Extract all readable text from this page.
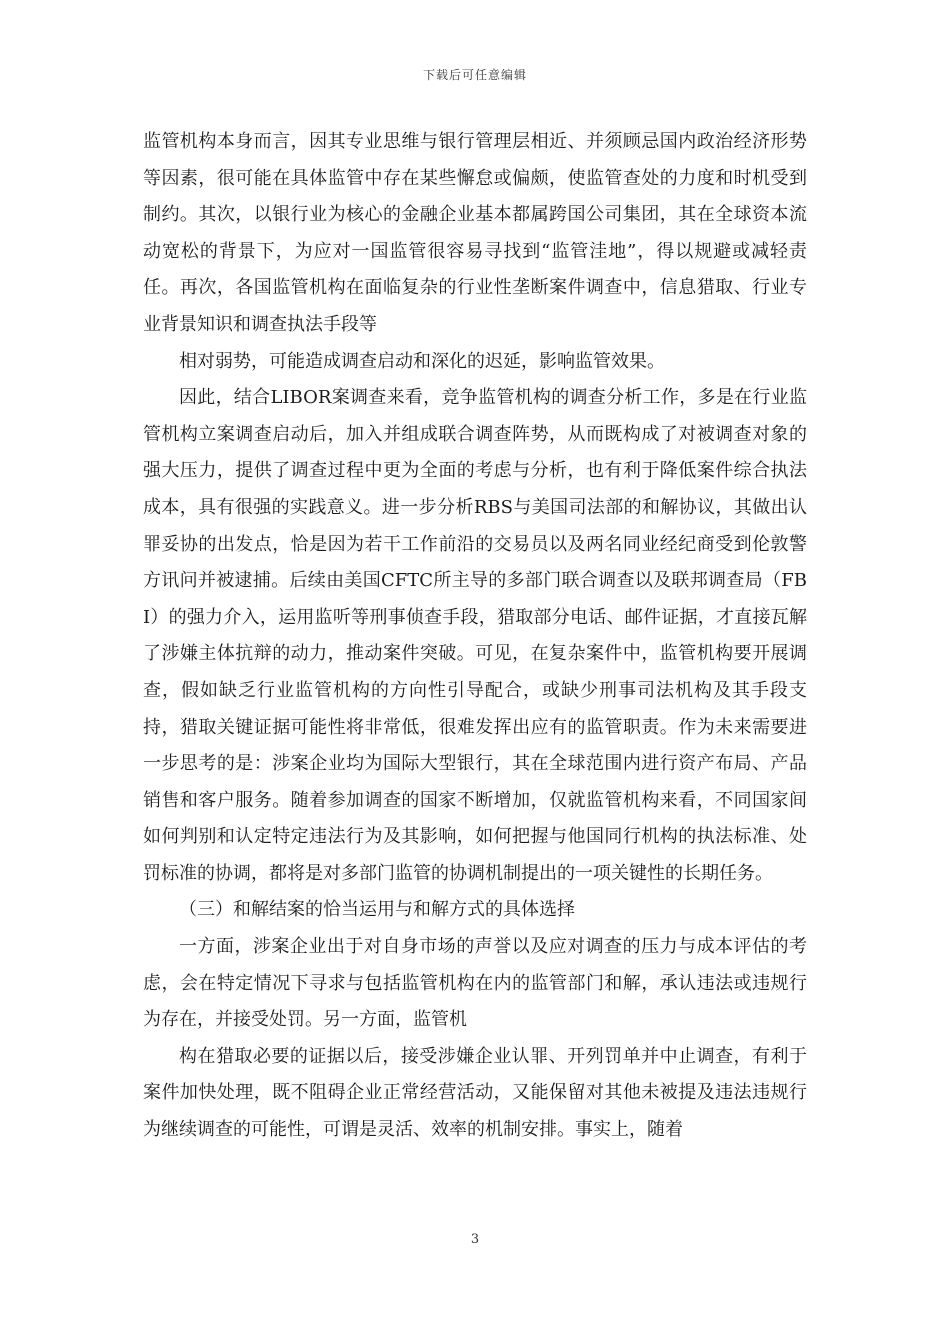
下载后可任意编辑

监管机构本身而言，因其专业思维与银行管理层相近、并须顾忌国内政治经济形势等因素，很可能在具体监管中存在某些懈怠或偏颇，使监管查处的力度和时机受到制约。其次，以银行业为核心的金融企业基本都属跨国公司集团，其在全球资本流动宽松的背景下，为应对一国监管很容易寻找到“监管洼地”，得以规避或减轻责任。再次，各国监管机构在面临复杂的行业性垄断案件调查中，信息猎取、行业专业背景知识和调查执法手段等

相对弱势，可能造成调查启动和深化的迟延，影响监管效果。

因此，结合LIBOR案调查来看，竞争监管机构的调查分析工作，多是在行业监管机构立案调查启动后，加入并组成联合调查阵势，从而既构成了对被调查对象的强大压力，提供了调查过程中更为全面的考虑与分析，也有利于降低案件综合执法成本，具有很强的实践意义。进一步分析RBS与美国司法部的和解协议，其做出认罪妥协的出发点，恰是因为若干工作前沿的交易员以及两名同业经纪商受到伦敦警方讯问并被逮捕。后续由美国CFTC所主导的多部门联合调查以及联邦调查局（FBI）的强力介入，运用监听等刑事侦查手段，猎取部分电话、邮件证据，才直接瓦解了涉嫌主体抗辩的动力，推动案件突破。可见，在复杂案件中，监管机构要开展调查，假如缺乏行业监管机构的方向性引导配合，或缺少刑事司法机构及其手段支持，猎取关键证据可能性将非常低，很难发挥出应有的监管职责。作为未来需要进一步思考的是：涉案企业均为国际大型银行，其在全球范围内进行资产布局、产品销售和客户服务。随着参加调查的国家不断增加，仅就监管机构来看，不同国家间如何判别和认定特定违法行为及其影响，如何把握与他国同行机构的执法标准、处罚标准的协调，都将是对多部门监管的协调机制提出的一项关键性的长期任务。

（三）和解结案的恰当运用与和解方式的具体选择

一方面，涉案企业出于对自身市场的声誉以及应对调查的压力与成本评估的考虑，会在特定情况下寻求与包括监管机构在内的监管部门和解，承认违法或违规行为存在，并接受处罚。另一方面，监管机

构在猎取必要的证据以后，接受涉嫌企业认罪、开列罚单并中止调查，有利于案件加快处理，既不阻碍企业正常经营活动，又能保留对其他未被提及违法违规行为继续调查的可能性，可谓是灵活、效率的机制安排。事实上，随着

3
